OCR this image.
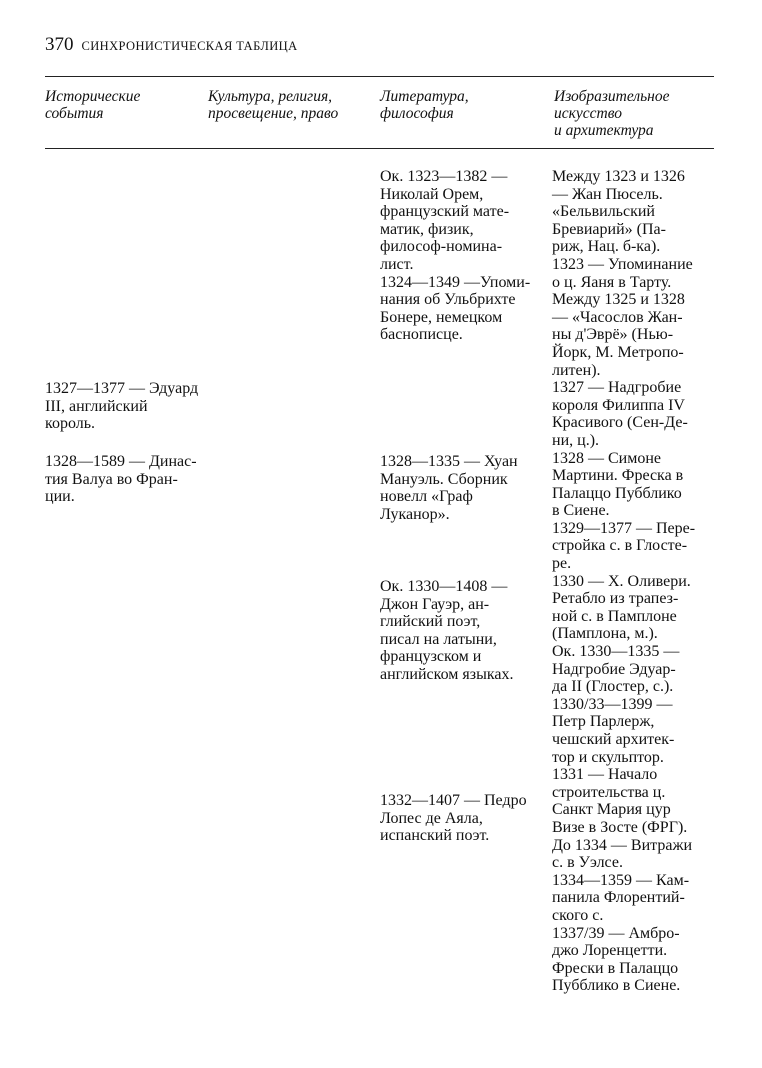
370 СИНХРОНИСТИЧЕСКАЯ ТАБЛИЦА
Исторические
события
Культура, религия,
просвещение, право
Литература,
философия
Изобразительное
искусство
и архитектура
1327—1377 — Эдуард
III, английский
король.
1328—1589 — Динас-
тия Валуа во Фран-
ции.
Ок. 1323—1382 —
Николай Орем,
французский мате-
матик, физик,
философ-номина-
лист.
1324—1349 —Упоми-
нания об Ульбрихте
Бонере, немецком
баснописце.
1328—1335 — Хуан
Мануэль. Сборник
новелл «Граф
Луканор».
Ок. 1330—1408 —
Джон Гауэр, ан-
глийский поэт,
писал на латыни,
французском и
английском языках.
1332—1407 — Педро
Лопес де Аяла,
испанский поэт.
Между 1323 и 1326
— Жан Пюсель.
«Бельвильский
Бревиарий» (Па-
риж, Нац. б-ка).
1323 — Упоминание
о ц. Яаня в Тарту.
Между 1325 и 1328
— «Часослов Жан-
ны д'Эврё» (Нью-
Йорк, М. Метропо-
литен).
1327 — Надгробие
короля Филиппа IV
Красивого (Сен-Де-
ни, ц.).
1328 — Симоне
Мартини. Фреска в
Палаццо Пубблико
в Сиене.
1329—1377 — Пере-
стройка с. в Глосте-
ре.
1330 — Х. Оливери.
Ретабло из трапез-
ной с. в Памплоне
(Памплона, м.).
Ок. 1330—1335 —
Надгробие Эдуар-
да II (Глостер, с.).
1330/33—1399 —
Петр Парлерж,
чешский архитек-
тор и скульптор.
1331 — Начало
строительства ц.
Санкт Мария цур
Визе в Зосте (ФРГ).
До 1334 — Витражи
с. в Уэлсе.
1334—1359 — Кам-
панила Флорентий-
ского с.
1337/39 — Амбро-
джо Лоренцетти.
Фрески в Палаццо
Пубблико в Сиене.
